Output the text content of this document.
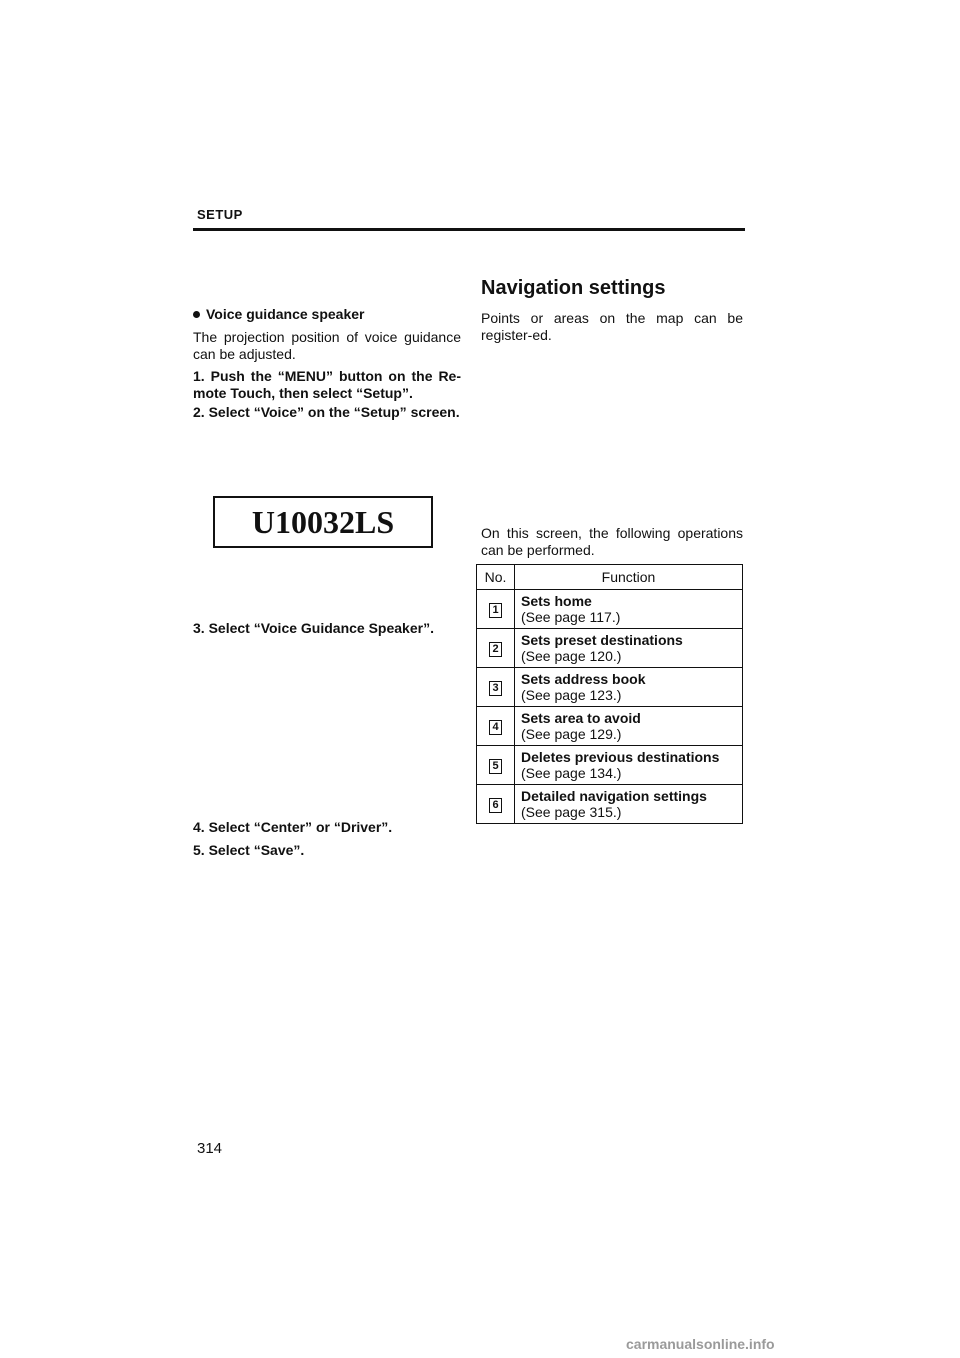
SETUP
Navigation settings
Voice guidance speaker
The projection position of voice guidance can be adjusted.
1. Push the “MENU” button on the Re-mote Touch, then select “Setup”.
2. Select “Voice” on the “Setup” screen.
U10032LS
3. Select “Voice Guidance Speaker”.
4. Select “Center” or “Driver”.
5. Select “Save”.
Points or areas on the map can be register-ed.
On this screen, the following operations can be performed.
No.	Function
1	Sets home
(See page 117.)

2	Sets preset destinations
(See page 120.)

3	Sets address book
(See page 123.)

4	Sets area to avoid
(See page 129.)

5	Deletes previous destinations
(See page 134.)

6	Detailed navigation settings
(See page 315.)
314
carmanualsonline.info
